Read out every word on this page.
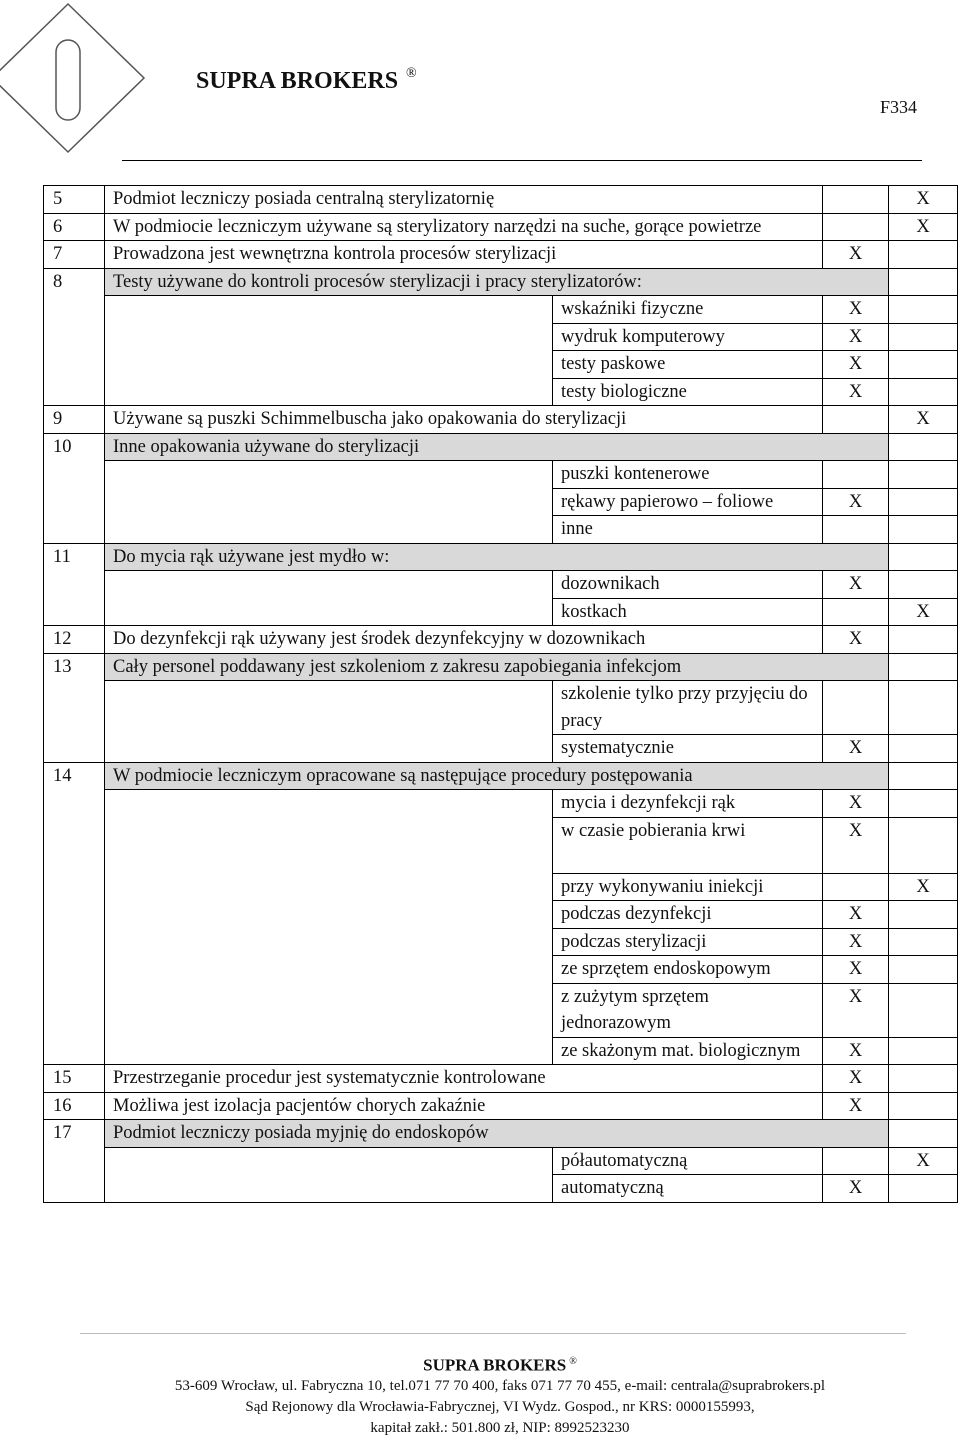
SUPRA BROKERS ®
F334
5	Podmiot leczniczy posiada centralną sterylizatornię			X
6	W podmiocie leczniczym używane są sterylizatory narzędzi na suche, gorące powietrze			X
7	Prowadzona jest wewnętrzna kontrola procesów sterylizacji		X	
8	Testy używane do kontroli procesów sterylizacji i pracy sterylizatorów:			
		wskaźniki fizyczne	X	
		wydruk komputerowy	X	
		testy paskowe	X	
		testy biologiczne	X	
9	Używane są puszki Schimmelbuscha jako opakowania do sterylizacji			X
10	Inne opakowania używane do sterylizacji			
		puszki kontenerowe		
		rękawy papierowo – foliowe	X	
		inne		
11	Do mycia rąk używane jest mydło w:			
		dozownikach	X	
		kostkach		X
12	Do dezynfekcji rąk używany jest środek dezynfekcyjny w dozownikach		X	
13	Cały personel poddawany jest szkoleniom z zakresu zapobiegania infekcjom			
		szkolenie tylko przy przyjęciu do pracy		
		systematycznie	X	
14	W podmiocie leczniczym opracowane są następujące procedury postępowania			
		mycia i dezynfekcji rąk	X	
		w czasie pobierania krwi	X	
		przy wykonywaniu iniekcji		X
		podczas dezynfekcji	X	
		podczas sterylizacji	X	
		ze sprzętem endoskopowym	X	
		z zużytym sprzętem jednorazowym	X	
		ze skażonym mat. biologicznym	X	
15	Przestrzeganie procedur jest systematycznie kontrolowane		X	
16	Możliwa jest izolacja pacjentów chorych zakaźnie		X	
17	Podmiot leczniczy posiada myjnię do endoskopów			
		półautomatyczną		X
		automatyczną	X	
SUPRA BROKERS ®
53-609 Wrocław, ul. Fabryczna 10, tel.071 77 70 400, faks 071 77 70 455, e-mail: centrala@suprabrokers.pl
Sąd Rejonowy dla Wrocławia-Fabrycznej, VI Wydz. Gospod., nr KRS: 0000155993,
kapitał zakł.: 501.800 zł, NIP: 8992523230
